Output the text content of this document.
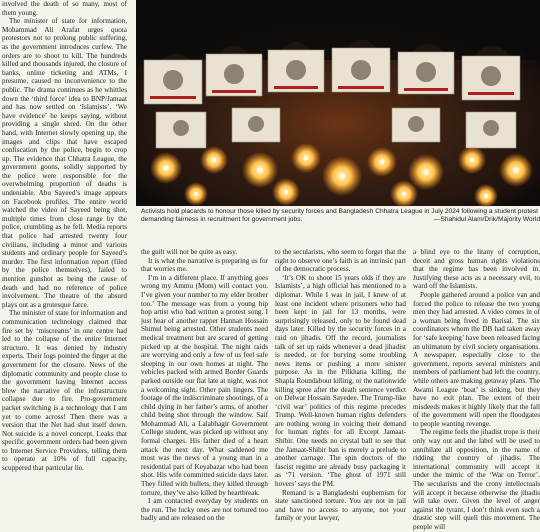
involved the death of so many, most of them young.

The minister of state for information, Mohammad Ali Arafat urges quota protestors not to prolong public suffering, as the government introduces curfew. The orders are to shoot to kill. The hundreds killed and thousands injured, the closure of banks, online ticketing and ATMs, I presume, caused no inconvenience to the public. The drama continues as he whittles down the ‘third force’ idea to BNP/Jamaat and has now settled on ‘Islamists’. ‘We have evidence’ he keeps saying, without providing a single shred. On the other hand, with Internet slowly opening up, the images and clips that have escaped confiscation by the police, begin to crop up. The evidence that Chhatra League, the government goons, solidly supported by the police were responsible for the overwhelming proportion of deaths is undeniable. Abu Sayeed’s image appears on Facebook profiles. The entire world watched the video of Sayeed being shot, multiple times from close range by the police, crumbling as he fell. Media reports that police had arrested twenty four civilians, including a minor and various students and ordinary people for Sayeed’s murder. The first information report (filed by the police themselves), failed to mention gunshot as being the cause of death and had no reference of police involvement. The theatre of the absurd plays out as a grotesque farce.

The minister of state for information and communication technology claimed that fire set by ‘miscreants’ in one centre had led to the collapse of the entire Internet structure. It was denied by industry experts. Their logs pointed the finger at the government for the closure. News of the diplomatic community and people close to the government having Internet access blew the narrative of the infrastructure collapse due to fire. Pro-government packet switching is a technology that I am yet to come across! Then there was a version that the Net had shut itself down. Not suicide is a novel concept. Leaks that specific government orders had been given to Internet Service Providers, telling them to operate at 10% of full capacity, scuppered that particular lie.

Activists hold placards to honour those killed by security forces and Bangladesh Chhatra League in July 2024 following a student protest demanding fairness in recruitment for government jobs.	—Shahidul Alam/Drik/Majority World

the guilt will not be quite as easy.

It is what the narrative is preparing us for that worries me.

I’m in a different place. If anything goes wrong my Ammu (Mom) will contact you. I’ve given your number to my elder brother too.’ The message was from a young hip hop artist who had written a protest song. I just hear of another rapper Hannan Hossain Shimul being arrested. Other students need medical treatment but are scared of getting picked up at the hospital. The night raids are worrying and only a few of us feel safe sleeping in our own homes at night. The vehicles packed with armed Border Guards parked outside our flat late at night, was not a welcoming sight. Other pain lingers. The footage of the indiscriminate shootings, of a child dying in her father’s arms, of another child being shot through the window. Saif Mohammad Ali, a Lalabhagir Government College student, was picked up without any formal charges. His father died of a heart attack the next day. What saddened me most was the news of a young man in a residential part of Keyabazar who had been shot. His wife committed suicide days later. They filled with bullets, they killed through torture, they’ve also killed by heartbreak.

I am contacted everyday by students on the run. The lucky ones are not tortured too badly and are released on the

to the secularists, who seem to forget that the right to observe one’s faith is an intrinsic part of the democratic process.

‘It’s OK to shoot 15 years olds if they are Islamists’, a high official has mentioned to a diplomat. While I was in jail, I knew of at least one incident where prisoners who had been kept in jail for 13 months, were surprisingly released, only to be found dead days later. Killed by the security forces in a raid on jihadis. Off the record, journalists talk of set up raids whenever a dead jihadist is needed, or for burying some troubling news items or pushing a more sinister purpose. As in the Pilkhana killing, the Shapla Roundabout killing, or the nationwide killing spree after the death sentence verdict on Delwar Hossain Sayedee. The Trump-like ‘civil war’ politics of this regime precedes Trump. Well-known human rights defenders are nothing wrong in voicing their demand for human rights for all Except Jamaat-Shibir. One needs no crystal ball to see that the Jamaat-Shibir ban is merely a prelude to another carnage. The spin doctors of the fascist regime are already busy packaging it as ‘71 version. ‘The ghost of 1971 still hovers’ says the PM.

Remand is a Bangladeshi euphemism for state sanctioned torture. You are not in jail and have no access to anyone, not your family or your lawyer,

a blind eye to the litany of corruption, deceit and gross human rights violations that the regime has been involved in. Justifying these acts as a necessary evil, to ward off the Islamists.

People gathered around a police van and forced the police to release the two young men they had arrested. A video comes in of a woman being freed in Barisal. The six coordinators whom the DB had taken away for ‘safe keeping’ have been released facing an ultimatum by civil society organisations. A newspaper, especially close to the government, reports several ministers and members of parliament had left the country, while others are making getaway plans. The Awami League ‘boat’ is sinking, but they have no exit plan. The extent of their misdeeds makes it highly likely that the fall of the government will open the floodgates to people wanting revenge.

The regime feels the jihadist trope is their only way out and the label will be used to annihilate all opposition, in the name of ridding the country of jihadis. The international community will accept it under the mimic of the ‘War on Terror’. The secularists and the crony intellectuals will accept it because otherwise the jihadis will take over. Given the level of anger against the tyrant, I don’t think even such a drastic step will quell this movement. The people will
